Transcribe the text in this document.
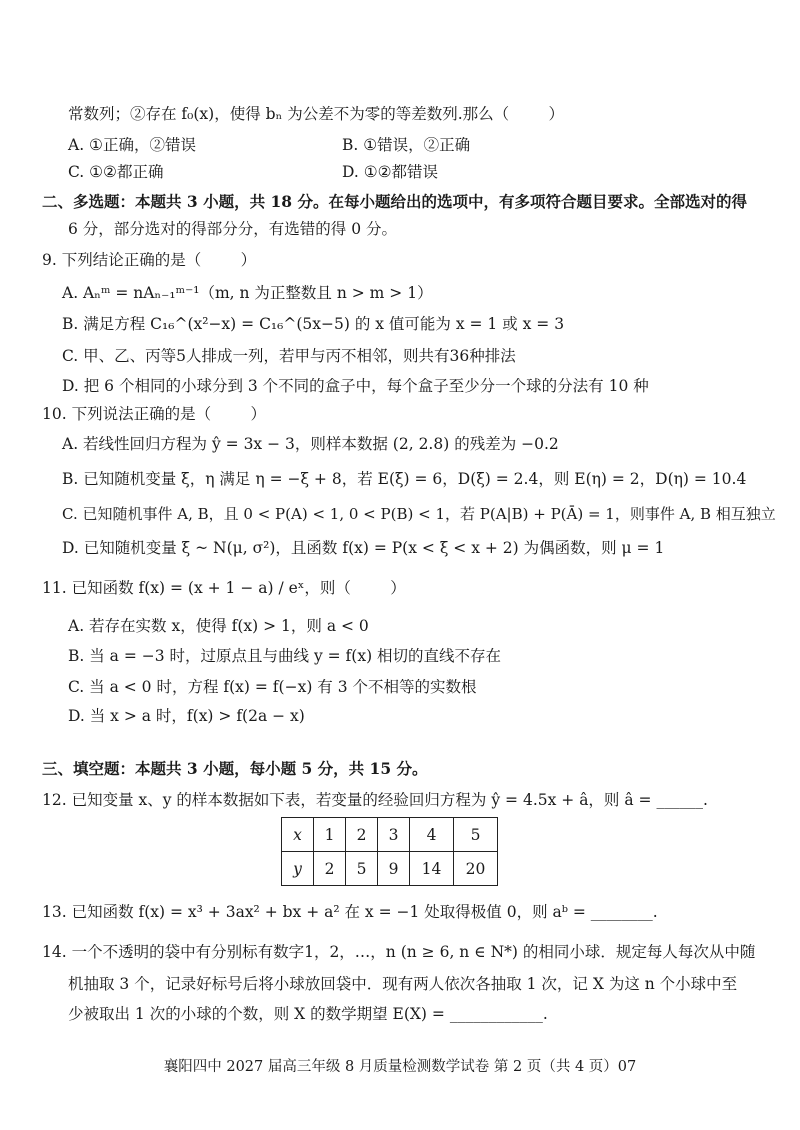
常数列；②存在 f₀(x)，使得 bₙ 为公差不为零的等差数列.那么（        ）
A. ①正确，②错误	B. ①错误，②正确
C. ①②都正确	D. ①②都错误
二、多选题：本题共 3 小题，共 18 分。在每小题给出的选项中，有多项符合题目要求。全部选对的得
6 分，部分选对的得部分分，有选错的得 0 分。
9. 下列结论正确的是（        ）
A. Aₙᵐ = nAₙ₋₁ᵐ⁻¹（m, n 为正整数且 n > m > 1）
B. 满足方程 C₁₆^(x²−x) = C₁₆^(5x−5) 的 x 值可能为 x = 1 或 x = 3
C. 甲、乙、丙等5人排成一列，若甲与丙不相邻，则共有36种排法
D. 把 6 个相同的小球分到 3 个不同的盒子中，每个盒子至少分一个球的分法有 10 种
10. 下列说法正确的是（        ）
A. 若线性回归方程为 ŷ = 3x − 3，则样本数据 (2, 2.8) 的残差为 −0.2
B. 已知随机变量 ξ，η 满足 η = −ξ + 8，若 E(ξ) = 6，D(ξ) = 2.4，则 E(η) = 2，D(η) = 10.4
C. 已知随机事件 A, B，且 0 < P(A) < 1, 0 < P(B) < 1，若 P(A|B) + P(Ā) = 1，则事件 A, B 相互独立
D. 已知随机变量 ξ ~ N(μ, σ²)，且函数 f(x) = P(x < ξ < x + 2) 为偶函数，则 μ = 1
11. 已知函数 f(x) = (x + 1 − a) / eˣ，则（        ）
A. 若存在实数 x，使得 f(x) > 1，则 a < 0
B. 当 a = −3 时，过原点且与曲线 y = f(x) 相切的直线不存在
C. 当 a < 0 时，方程 f(x) = f(−x) 有 3 个不相等的实数根
D. 当 x > a 时，f(x) > f(2a − x)
三、填空题：本题共 3 小题，每小题 5 分，共 15 分。
12. 已知变量 x、y 的样本数据如下表，若变量的经验回归方程为 ŷ = 4.5x + â，则 â = ______.
x	1	2	3	4	5
y	2	5	9	14	20
13. 已知函数 f(x) = x³ + 3ax² + bx + a² 在 x = −1 处取得极值 0，则 aᵇ = ________.
14. 一个不透明的袋中有分别标有数字1，2，…，n (n ≥ 6, n ∈ N*) 的相同小球．规定每人每次从中随
机抽取 3 个，记录好标号后将小球放回袋中．现有两人依次各抽取 1 次，记 X 为这 n 个小球中至
少被取出 1 次的小球的个数，则 X 的数学期望 E(X) = ____________.
襄阳四中 2027 届高三年级 8 月质量检测数学试卷 第 2 页（共 4 页）07
